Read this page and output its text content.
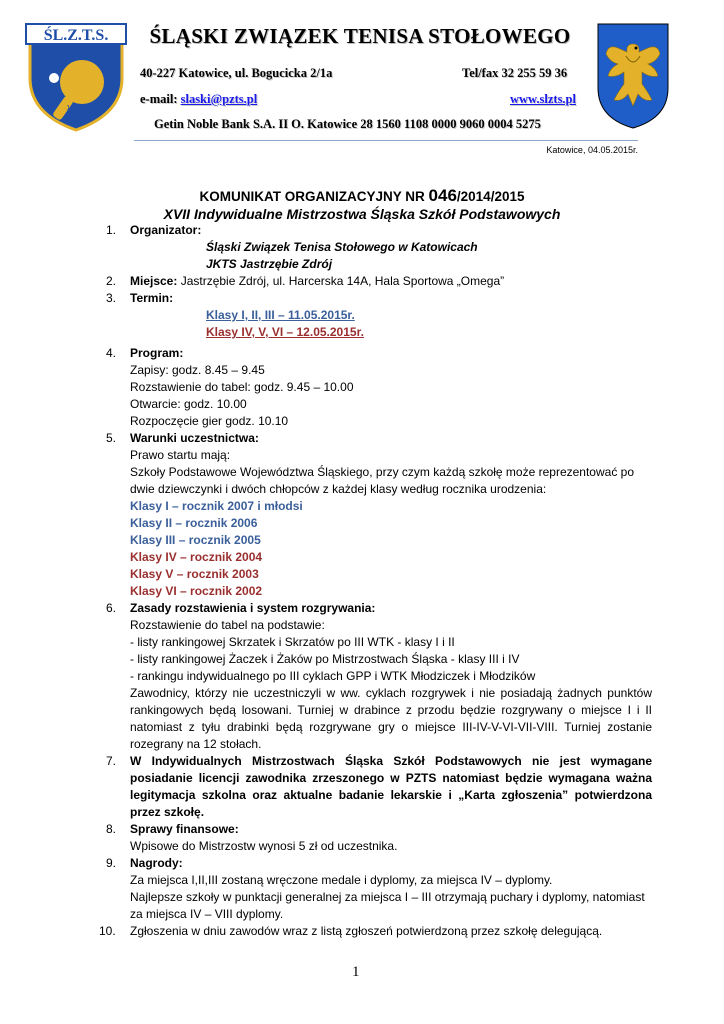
ŚL.Z.T.S.
1929
ŚLĄSKI ZWIĄZEK TENISA STOŁOWEGO
40-227 Katowice, ul. Bogucicka 2/1a	Tel/fax 32 255 59 36
e-mail: slaski@pzts.pl	www.slzts.pl
Getin Noble Bank S.A. II O. Katowice 28 1560 1108 0000 9060 0004 5275
Katowice, 04.05.2015r.
KOMUNIKAT ORGANIZACYJNY NR 046/2014/2015
XVII Indywidualne Mistrzostwa Śląska Szkół Podstawowych
1. Organizator:

Śląski Związek Tenisa Stołowego w Katowicach

JKTS Jastrzębie Zdrój

2. Miejsce: Jastrzębie Zdrój, ul. Harcerska 14A, Hala Sportowa „Omega”

3. Termin:

Klasy I, II, III – 11.05.2015r.

Klasy IV, V, VI – 12.05.2015r.

4. Program:

Zapisy: godz. 8.45 – 9.45

Rozstawienie do tabel: godz. 9.45 – 10.00

Otwarcie: godz. 10.00

Rozpoczęcie gier godz. 10.10

5. Warunki uczestnictwa:

Prawo startu mają:

Szkoły Podstawowe Województwa Śląskiego, przy czym każdą szkołę może reprezentować po dwie dziewczynki i dwóch chłopców z każdej klasy według rocznika urodzenia:

Klasy I – rocznik 2007 i młodsi

Klasy II – rocznik 2006

Klasy III – rocznik 2005

Klasy IV – rocznik 2004

Klasy V – rocznik 2003

Klasy VI – rocznik 2002

6. Zasady rozstawienia i system rozgrywania:

Rozstawienie do tabel na podstawie:

- listy rankingowej Skrzatek i Skrzatów po III WTK - klasy I i II

- listy rankingowej Żaczek i Żaków po Mistrzostwach Śląska - klasy III i IV

- rankingu indywidualnego po III cyklach GPP i WTK Młodziczek i Młodzików

Zawodnicy, którzy nie uczestniczyli w ww. cyklach rozgrywek i nie posiadają żadnych punktów rankingowych będą losowani. Turniej w drabince z przodu będzie rozgrywany o miejsce I i II natomiast z tyłu drabinki będą rozgrywane gry o miejsce III-IV-V-VI-VII-VIII. Turniej zostanie rozegrany na 12 stołach.

7. W Indywidualnych Mistrzostwach Śląska Szkół Podstawowych nie jest wymagane posiadanie licencji zawodnika zrzeszonego w PZTS natomiast będzie wymagana ważna legitymacja szkolna oraz aktualne badanie lekarskie i „Karta zgłoszenia” potwierdzona przez szkołę.

8. Sprawy finansowe:

Wpisowe do Mistrzostw wynosi 5 zł od uczestnika.

9. Nagrody:

Za miejsca I,II,III zostaną wręczone medale i dyplomy, za miejsca IV – dyplomy.

Najlepsze szkoły w punktacji generalnej za miejsca I – III otrzymają puchary i dyplomy, natomiast za miejsca IV – VIII dyplomy.

10. Zgłoszenia w dniu zawodów wraz z listą zgłoszeń potwierdzoną przez szkołę delegującą.

1
